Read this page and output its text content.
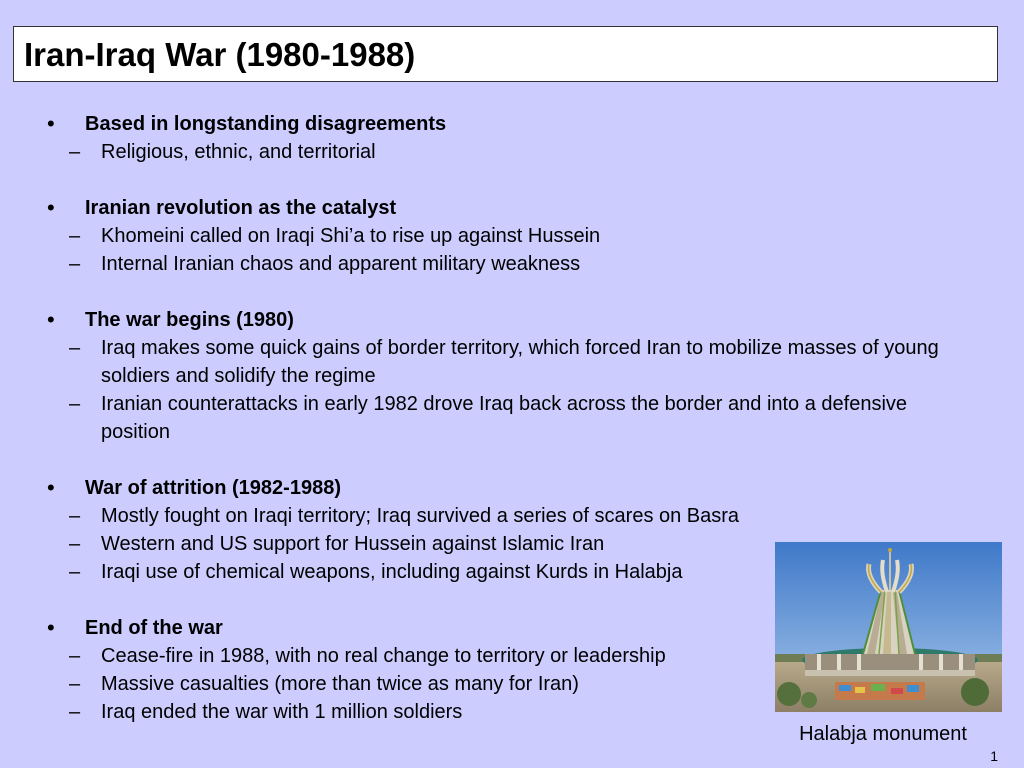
Iran-Iraq War (1980-1988)
• Based in longstanding disagreements
– Religious, ethnic, and territorial
• Iranian revolution as the catalyst
– Khomeini called on Iraqi Shi’a to rise up against Hussein
– Internal Iranian chaos and apparent military weakness
• The war begins (1980)
– Iraq makes some quick gains of border territory, which forced Iran to mobilize masses of young soldiers and solidify the regime
– Iranian counterattacks in early 1982 drove Iraq back across the border and into a defensive position
• War of attrition (1982-1988)
– Mostly fought on Iraqi territory; Iraq survived a series of scares on Basra
– Western and US support for Hussein against Islamic Iran
– Iraqi use of chemical weapons, including against Kurds in Halabja
• End of the war
– Cease-fire in 1988, with no real change to territory or leadership
– Massive casualties (more than twice as many for Iran)
– Iraq ended the war with 1 million soldiers
Halabja monument
1
